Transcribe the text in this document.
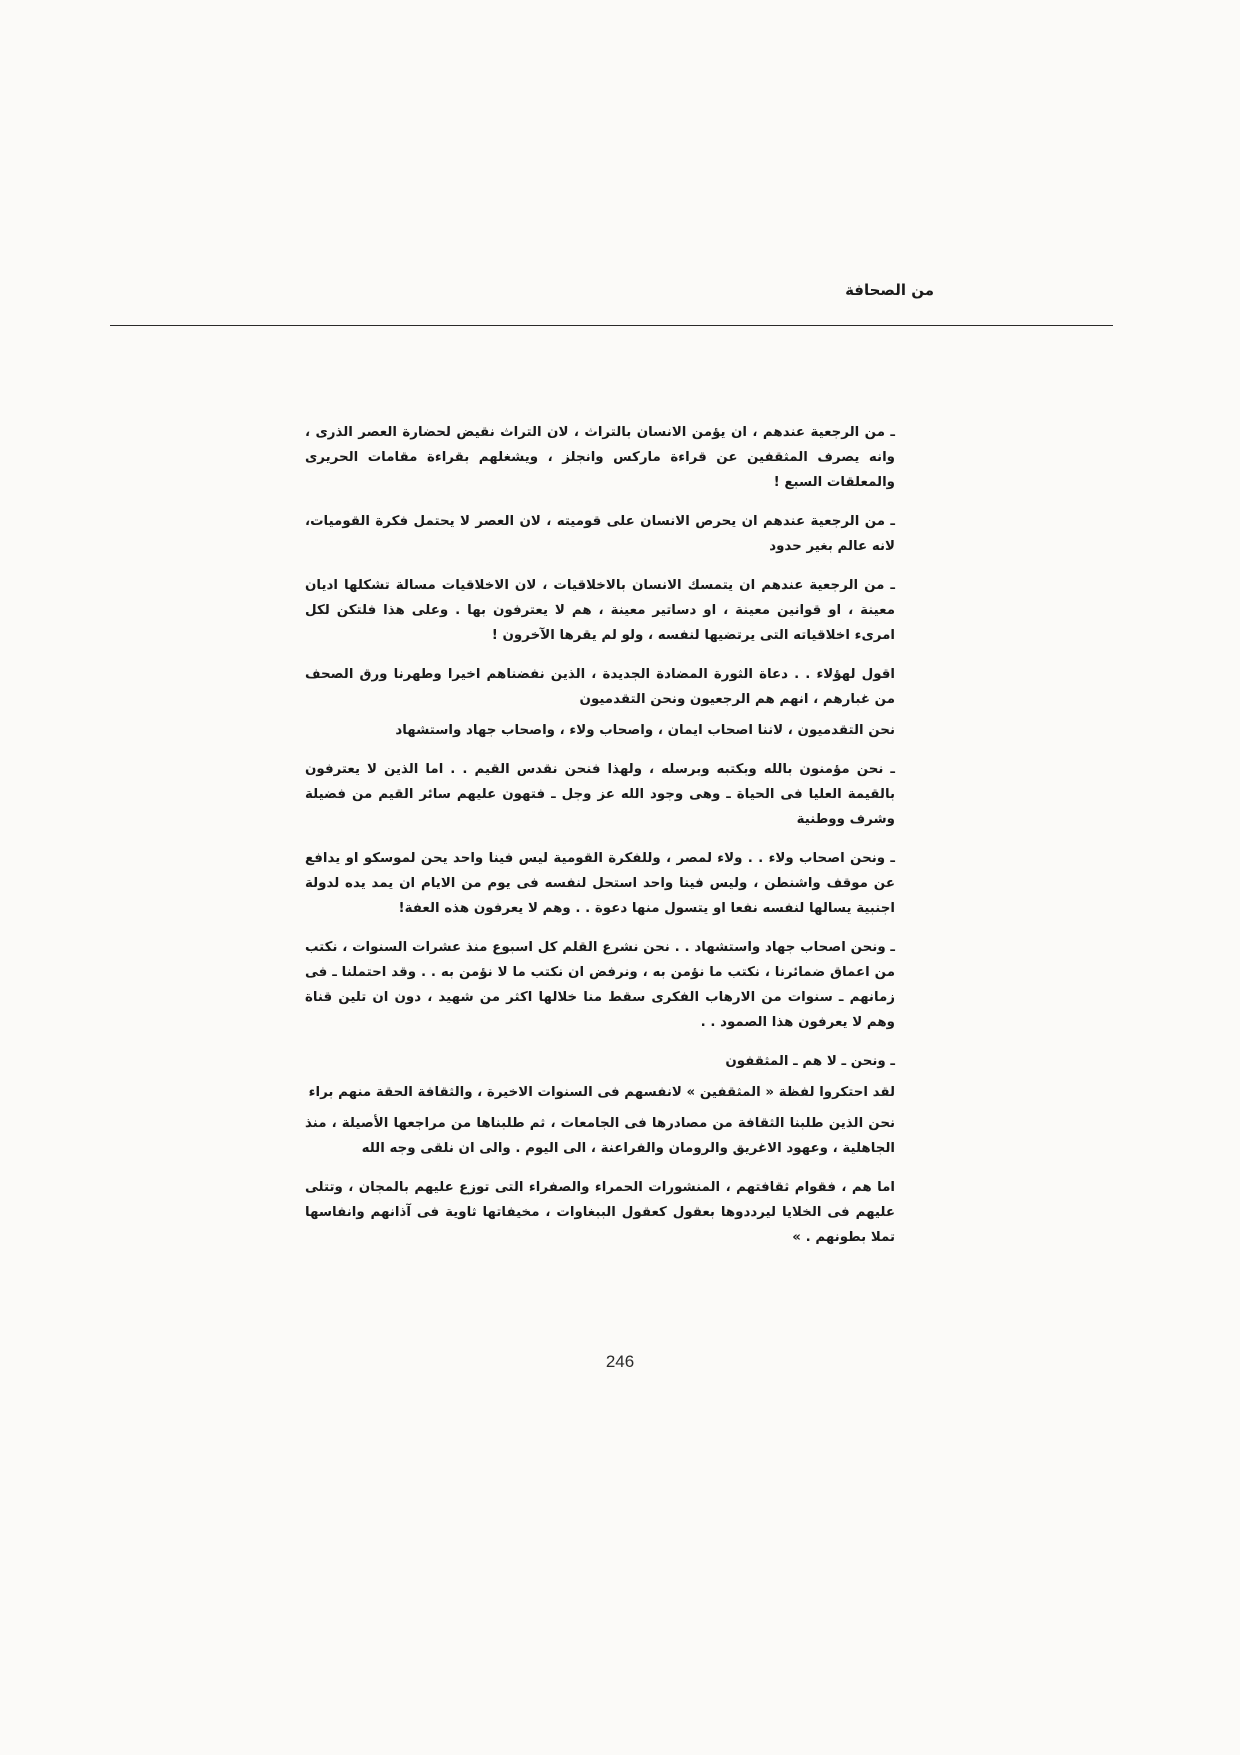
من الصحافة

ـ من الرجعية عندهم ، ان يؤمن الانسان بالتراث ، لان التراث نقيض لحضارة العصر الذرى ، وانه يصرف المثقفين عن قراءة ماركس وانجلز ، ويشغلهم بقراءة مقامات الحريرى والمعلقات السبع !

ـ من الرجعية عندهم ان يحرص الانسان على قوميته ، لان العصر لا يحتمل فكرة القوميات، لانه عالم بغير حدود

ـ من الرجعية عندهم ان يتمسك الانسان بالاخلاقيات ، لان الاخلاقيات مسالة تشكلها اديان معينة ، او قوانين معينة ، او دساتير معينة ، هم لا يعترفون بها . وعلى هذا فلتكن لكل امرىء اخلاقياته التى يرتضيها لنفسه ، ولو لم يقرها الآخرون !

اقول لهؤلاء . . دعاة الثورة المضادة الجديدة ، الذين نفضناهم اخيرا وطهرنا ورق الصحف من غبارهم ، انهم هم الرجعيون ونحن التقدميون

نحن التقدميون ، لاننا اصحاب ايمان ، واصحاب ولاء ، واصحاب جهاد واستشهاد

ـ نحن مؤمنون بالله وبكتبه وبرسله ، ولهذا فنحن نقدس القيم . . اما الذين لا يعترفون بالقيمة العليا فى الحياة ـ وهى وجود الله عز وجل ـ فتهون عليهم سائر القيم من فضيلة وشرف ووطنية

ـ ونحن اصحاب ولاء . . ولاء لمصر ، وللفكرة القومية ليس فينا واحد يحن لموسكو او يدافع عن موقف واشنطن ، وليس فينا واحد استحل لنفسه فى يوم من الايام ان يمد يده لدولة اجنبية يسالها لنفسه نفعا او يتسول منها دعوة . . وهم لا يعرفون هذه العفة!

ـ ونحن اصحاب جهاد واستشهاد . . نحن نشرع القلم كل اسبوع منذ عشرات السنوات ، نكتب من اعماق ضمائرنا ، نكتب ما نؤمن به ، ونرفض ان نكتب ما لا نؤمن به . . وقد احتملنا ـ فى زمانهم ـ سنوات من الارهاب الفكرى سقط منا خلالها اكثر من شهيد ، دون ان تلين قناة وهم لا يعرفون هذا الصمود . .

ـ ونحن ـ لا هم ـ المثقفون

لقد احتكروا لفظة « المثقفين » لانفسهم فى السنوات الاخيرة ، والثقافة الحقة منهم براء

نحن الذين طلبنا الثقافة من مصادرها فى الجامعات ، ثم طلبناها من مراجعها الأصيلة ، منذ الجاهلية ، وعهود الاغريق والرومان والفراعنة ، الى اليوم . والى ان نلقى وجه الله

اما هم ، فقوام ثقافتهم ، المنشورات الحمراء والصفراء التى توزع عليهم بالمجان ، وتتلى عليهم فى الخلايا ليرددوها بعقول كعقول الببغاوات ، مخيفاتها ثاوية فى آذانهم وانفاسها تملا بطونهم . »

246
